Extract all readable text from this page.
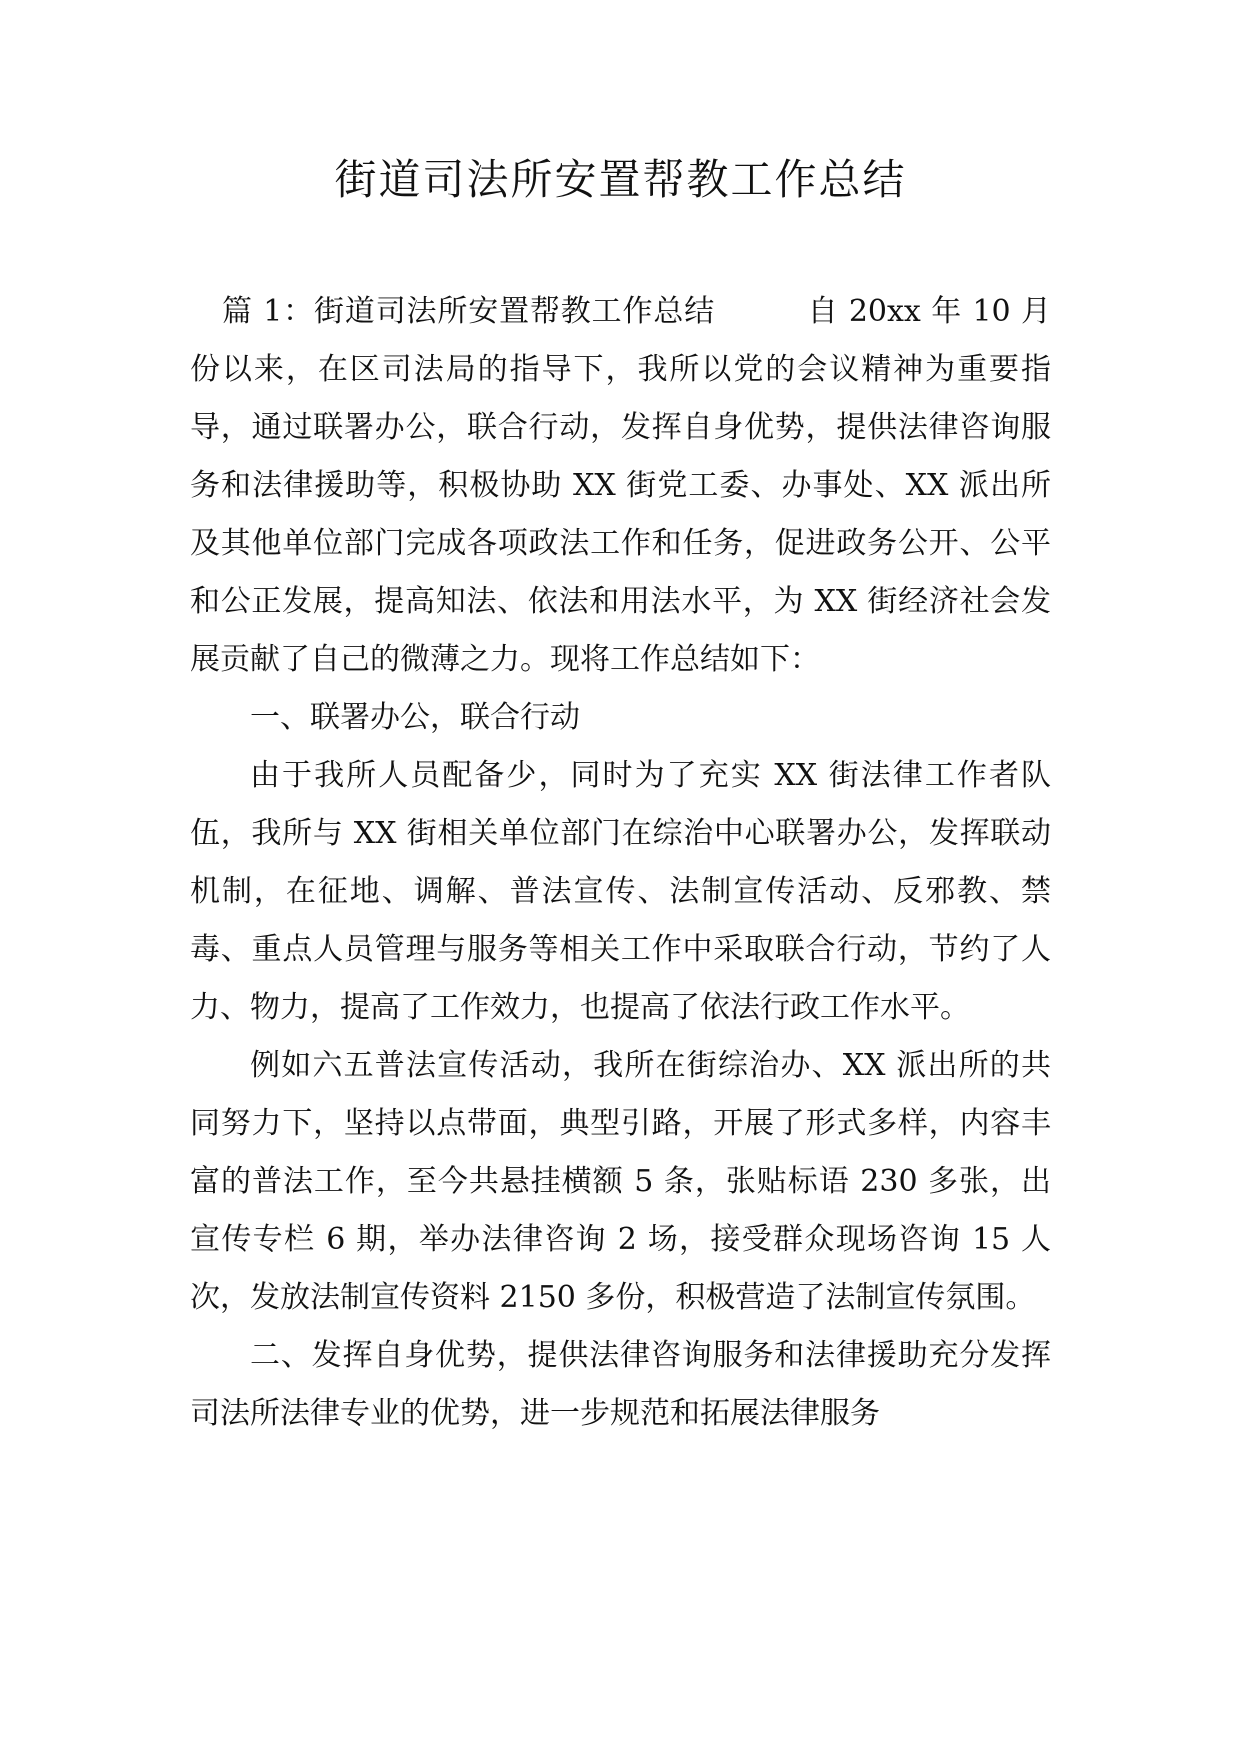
街道司法所安置帮教工作总结

篇 1：街道司法所安置帮教工作总结　　　自 20xx 年 10 月份以来，在区司法局的指导下，我所以党的会议精神为重要指导，通过联署办公，联合行动，发挥自身优势，提供法律咨询服务和法律援助等，积极协助 XX 街党工委、办事处、XX 派出所及其他单位部门完成各项政法工作和任务，促进政务公开、公平和公正发展，提高知法、依法和用法水平，为 XX 街经济社会发展贡献了自己的微薄之力。现将工作总结如下：

一、联署办公，联合行动

由于我所人员配备少，同时为了充实 XX 街法律工作者队伍，我所与 XX 街相关单位部门在综治中心联署办公，发挥联动机制，在征地、调解、普法宣传、法制宣传活动、反邪教、禁毒、重点人员管理与服务等相关工作中采取联合行动，节约了人力、物力，提高了工作效力，也提高了依法行政工作水平。

例如六五普法宣传活动，我所在街综治办、XX 派出所的共同努力下，坚持以点带面，典型引路，开展了形式多样，内容丰富的普法工作，至今共悬挂横额 5 条，张贴标语 230 多张，出宣传专栏 6 期，举办法律咨询 2 场，接受群众现场咨询 15 人次，发放法制宣传资料 2150 多份，积极营造了法制宣传氛围。

二、发挥自身优势，提供法律咨询服务和法律援助充分发挥司法所法律专业的优势，进一步规范和拓展法律服务
